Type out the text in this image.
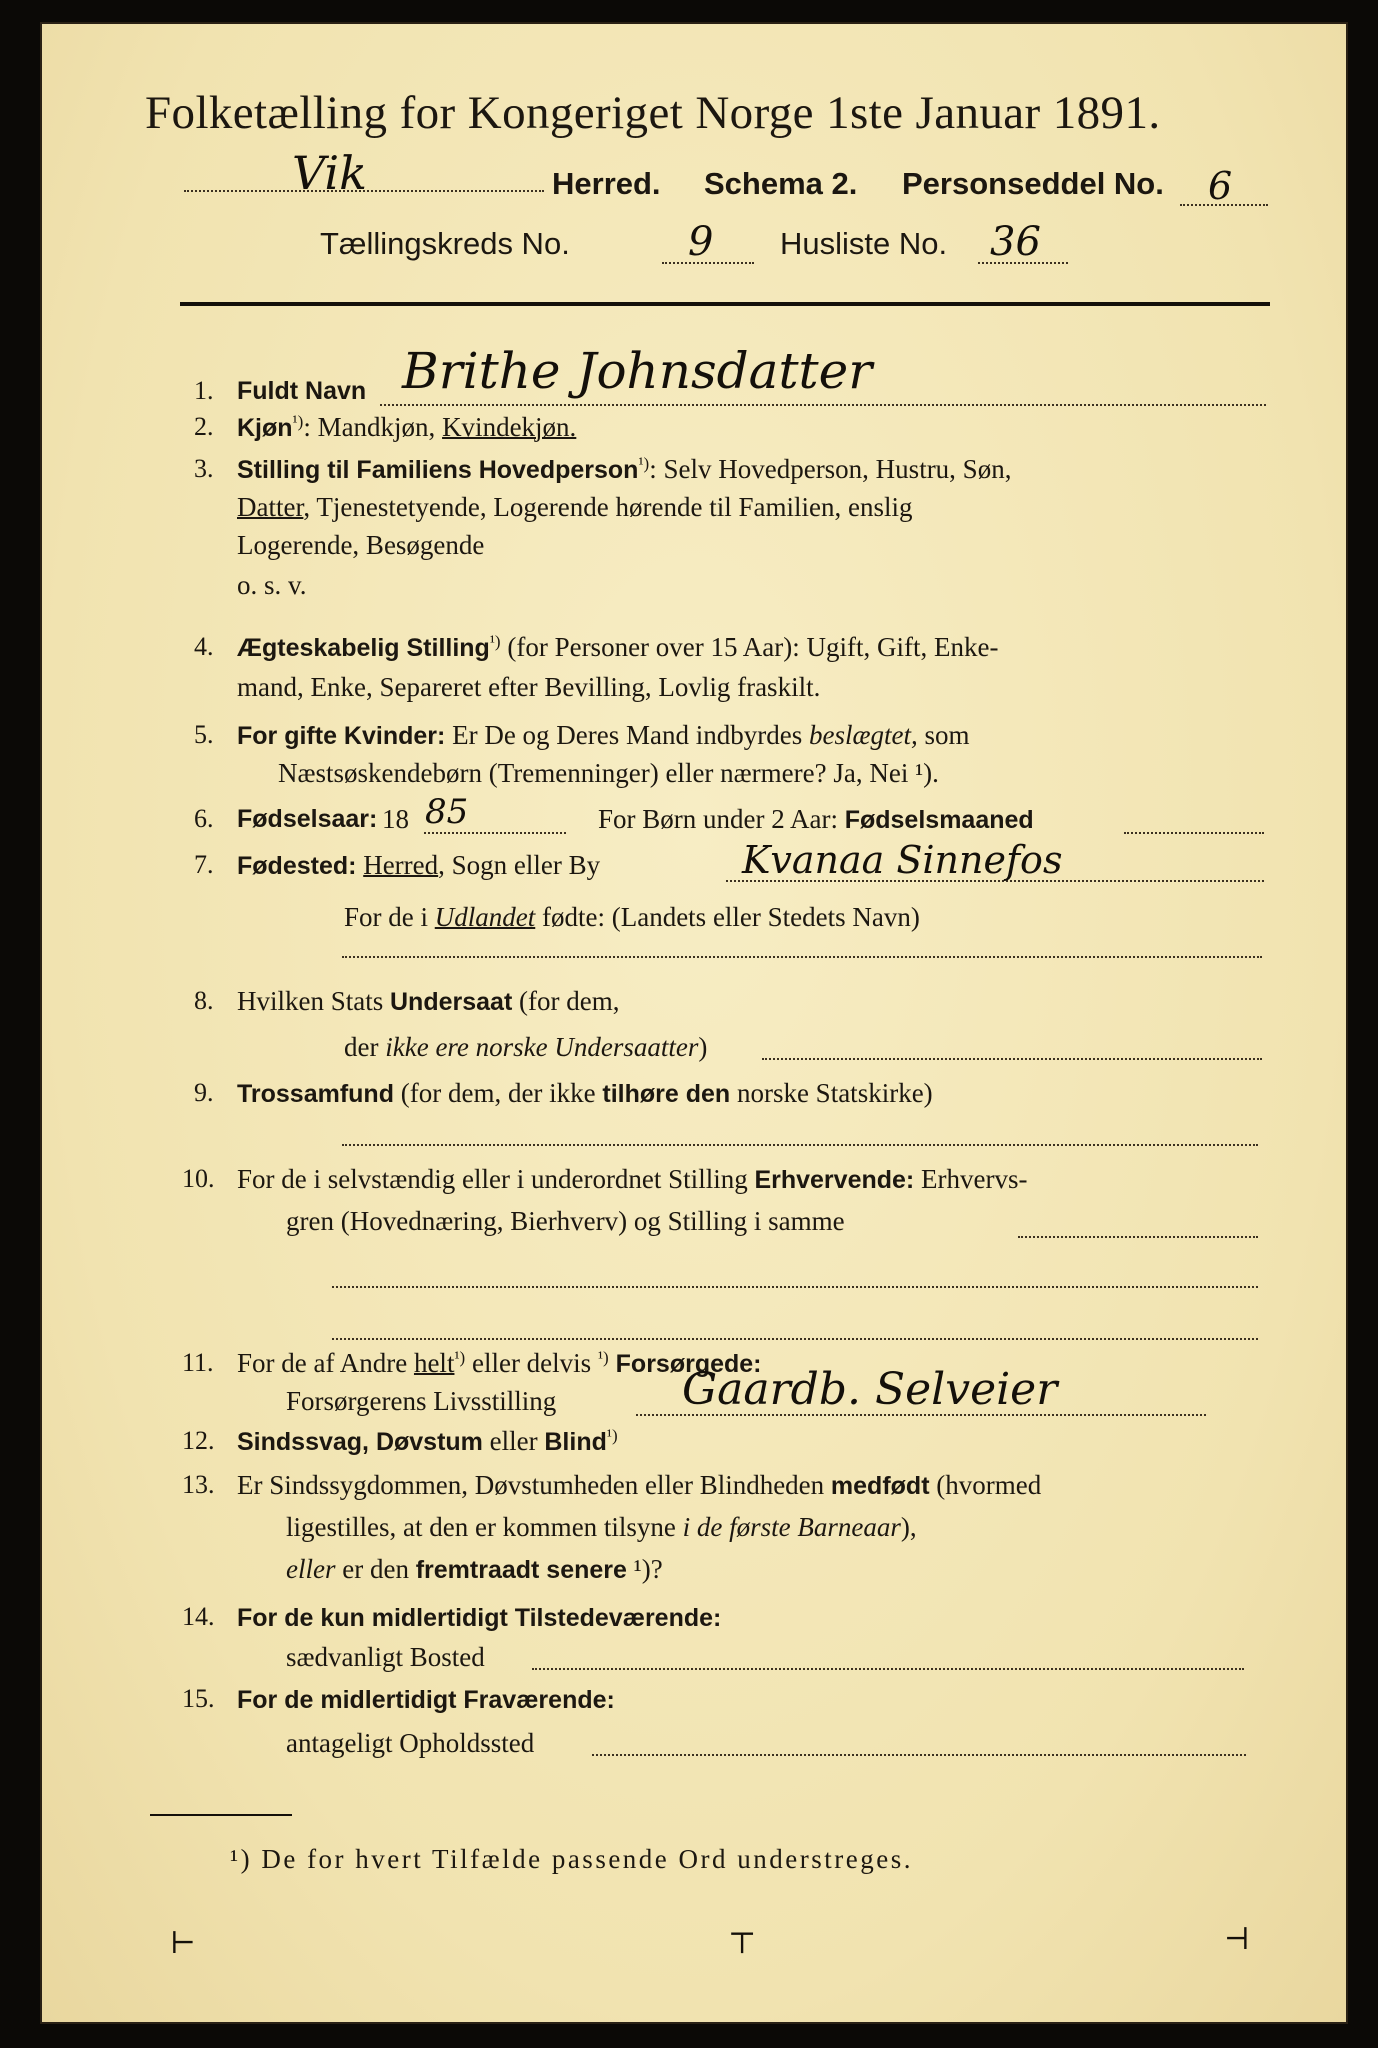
Folketælling for Kongeriget Norge 1ste Januar 1891.
Vik	Herred. Schema 2. Personseddel No. 6
Tællingskreds No.	9 Husliste No. 36
1. Fuldt Navn Brithe Johnsdatter
2. Kjøn$^{^1)}$: Mandkjøn, Kvindekjøn.
3. Stilling til Familiens Hovedperson$^{^1)}$: Selv Hovedperson, Hustru, Søn,
Datter, Tjenestetyende, Logerende hørende til Familien, enslig
Logerende, Besøgende
o. s. v.
4. Ægteskabelig Stilling$^{^1)}$ (for Personer over 15 Aar): Ugift, Gift, Enke-
mand, Enke, Separeret efter Bevilling, Lovlig fraskilt.
5. For gifte Kvinder: Er De og Deres Mand indbyrdes beslægtet, som
Næstsøskendebørn (Tremenninger) eller nærmere? Ja, Nei ¹).
6. Fødselsaar: 18 85	For Børn under 2 Aar: Fødselsmaaned
7. Fødested: Herred, Sogn eller By	Kvanaa Sinnefos
For de i Udlandet fødte: (Landets eller Stedets Navn)
8. Hvilken Stats Undersaat (for dem,
der ikke ere norske Undersaatter)
9. Trossamfund (for dem, der ikke tilhøre den norske Statskirke)
10. For de i selvstændig eller i underordnet Stilling Erhvervende: Erhvervs-
gren (Hovednæring, Bierhverv) og Stilling i samme
11. For de af Andre helt$^{^1)}$ eller delvis $^{^1)}$ Forsørgede:
Forsørgerens Livsstilling	Gaardb. Selveier
12. Sindssvag, Døvstum eller Blind$^{^1)}$
13. Er Sindssygdommen, Døvstumheden eller Blindheden medfødt (hvormed
ligestilles, at den er kommen tilsyne i de første Barneaar),
eller er den fremtraadt senere ¹)?
14. For de kun midlertidigt Tilstedeværende:
sædvanligt Bosted
15. For de midlertidigt Fraværende:
antageligt Opholdssted
¹) De for hvert Tilfælde passende Ord understreges.
⊢	⊤	⊣
